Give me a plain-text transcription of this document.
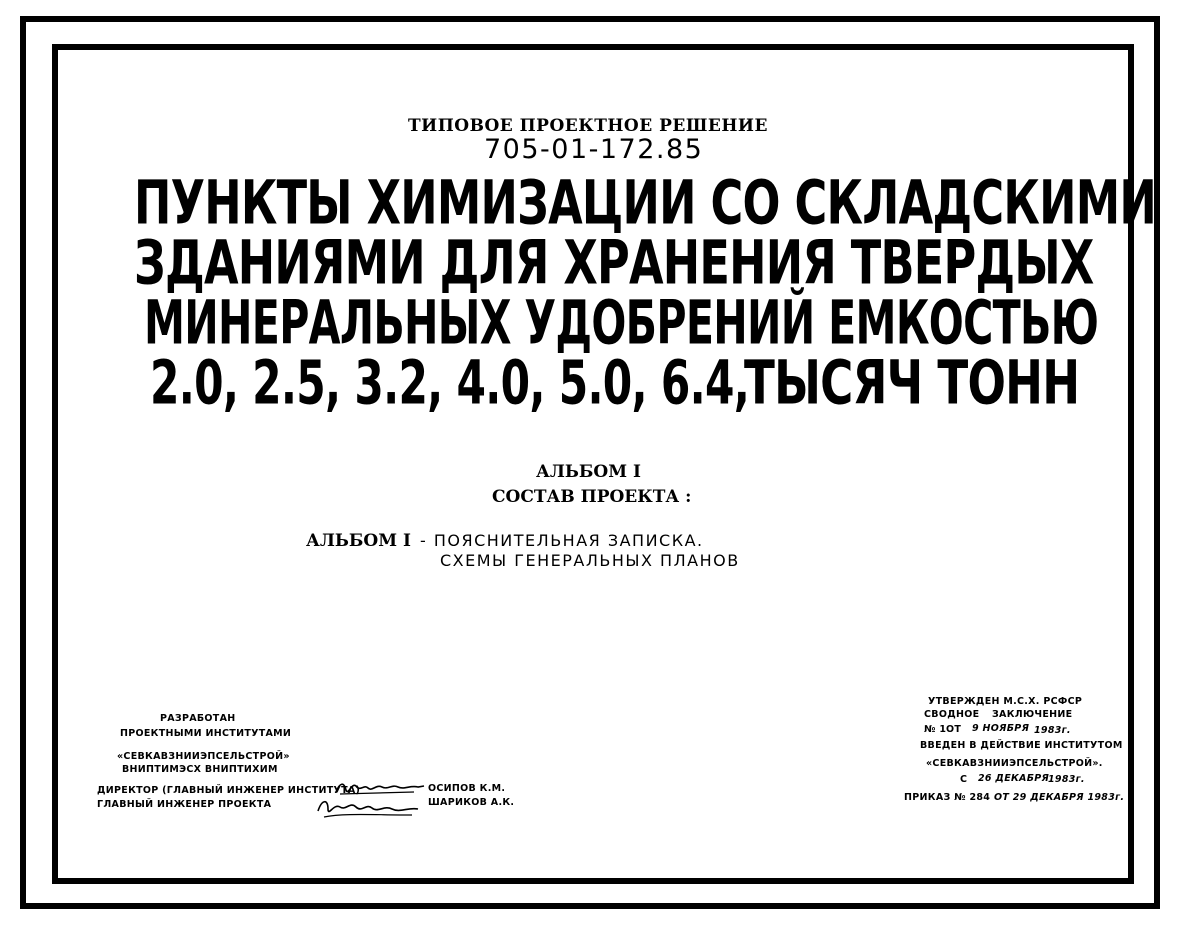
ТИПОВОЕ ПРОЕКТНОЕ РЕШЕНИЕ
705-01-172.85
ПУНКТЫ ХИМИЗАЦИИ СО СКЛАДСКИМИ
ЗДАНИЯМИ ДЛЯ ХРАНЕНИЯ ТВЕРДЫХ
МИНЕРАЛЬНЫХ УДОБРЕНИЙ ЕМКОСТЬЮ
2.0, 2.5, 3.2, 4.0, 5.0, 6.4,
ТЫСЯЧ ТОНН
АЛЬБОМ I
СОСТАВ ПРОЕКТА :
АЛЬБОМ I - ПОЯСНИТЕЛЬНАЯ ЗАПИСКА.
СХЕМЫ ГЕНЕРАЛЬНЫХ ПЛАНОВ
РАЗРАБОТАН
ПРОЕКТНЫМИ ИНСТИТУТАМИ
«СЕВКАВЗНИИЭПСЕЛЬСТРОЙ»
ВНИПТИМЭСХ ВНИПТИХИМ
ДИРЕКТОР (ГЛАВНЫЙ ИНЖЕНЕР ИНСТИТУТА)	ОСИПОВ К.М.
ГЛАВНЫЙ ИНЖЕНЕР ПРОЕКТА	ШАРИКОВ А.К.
УТВЕРЖДЕН М.С.Х. РСФСР
СВОДНОЕ ЗАКЛЮЧЕНИЕ
№ 1 ОТ 9 НОЯБРЯ 1983г.
ВВЕДЕН В ДЕЙСТВИЕ ИНСТИТУТОМ
«СЕВКАВЗНИИЭПСЕЛЬСТРОЙ».
С 26 ДЕКАБРЯ
1983г.
ПРИКАЗ № 284 ОТ 29 ДЕКАБРЯ 1983г.
